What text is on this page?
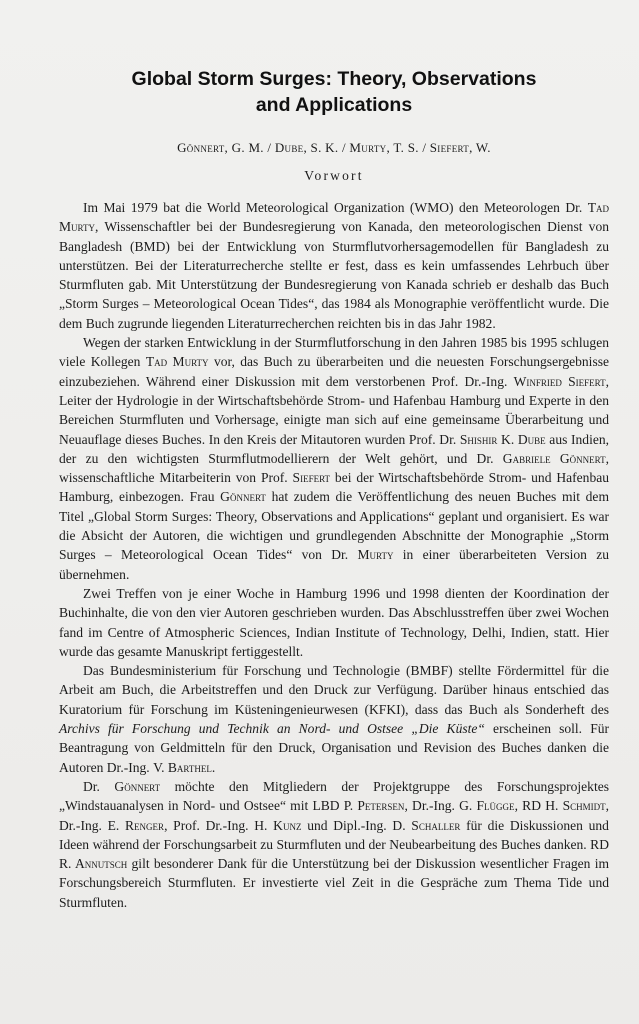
Global Storm Surges: Theory, Observations
and Applications
Gönnert, G. M. / Dube, S. K. / Murty, T. S. / Siefert, W.
Vorwort

Im Mai 1979 bat die World Meteorological Organization (WMO) den Meteorologen Dr. Tad Murty, Wissenschaftler bei der Bundesregierung von Kanada, den meteorologischen Dienst von Bangladesh (BMD) bei der Entwicklung von Sturmflutvorhersagemodellen für Bangladesh zu unterstützen. Bei der Literaturrecherche stellte er fest, dass es kein umfassendes Lehrbuch über Sturmfluten gab. Mit Unterstützung der Bundesregierung von Kanada schrieb er deshalb das Buch „Storm Surges – Meteorological Ocean Tides“, das 1984 als Monographie veröffentlicht wurde. Die dem Buch zugrunde liegenden Literaturrecherchen reichten bis in das Jahr 1982.

Wegen der starken Entwicklung in der Sturmflutforschung in den Jahren 1985 bis 1995 schlugen viele Kollegen Tad Murty vor, das Buch zu überarbeiten und die neuesten Forschungsergebnisse einzubeziehen. Während einer Diskussion mit dem verstorbenen Prof. Dr.-Ing. Winfried Siefert, Leiter der Hydrologie in der Wirtschaftsbehörde Strom- und Hafenbau Hamburg und Experte in den Bereichen Sturmfluten und Vorhersage, einigte man sich auf eine gemeinsame Überarbeitung und Neuauflage dieses Buches. In den Kreis der Mitautoren wurden Prof. Dr. Shishir K. Dube aus Indien, der zu den wichtigsten Sturmflutmodellierern der Welt gehört, und Dr. Gabriele Gönnert, wissenschaftliche Mitarbeiterin von Prof. Siefert bei der Wirtschaftsbehörde Strom- und Hafenbau Hamburg, einbezogen. Frau Gönnert hat zudem die Veröffentlichung des neuen Buches mit dem Titel „Global Storm Surges: Theory, Observations and Applications“ geplant und organisiert. Es war die Absicht der Autoren, die wichtigen und grundlegenden Abschnitte der Monographie „Storm Surges – Meteorological Ocean Tides“ von Dr. Murty in einer überarbeiteten Version zu übernehmen.

Zwei Treffen von je einer Woche in Hamburg 1996 und 1998 dienten der Koordination der Buchinhalte, die von den vier Autoren geschrieben wurden. Das Abschlusstreffen über zwei Wochen fand im Centre of Atmospheric Sciences, Indian Institute of Technology, Delhi, Indien, statt. Hier wurde das gesamte Manuskript fertiggestellt.

Das Bundesministerium für Forschung und Technologie (BMBF) stellte Fördermittel für die Arbeit am Buch, die Arbeitstreffen und den Druck zur Verfügung. Darüber hinaus entschied das Kuratorium für Forschung im Küsteningenieurwesen (KFKI), dass das Buch als Sonderheft des Archivs für Forschung und Technik an Nord- und Ostsee „Die Küste“ erscheinen soll. Für Beantragung von Geldmitteln für den Druck, Organisation und Revision des Buches danken die Autoren Dr.-Ing. V. Barthel.

Dr. Gönnert möchte den Mitgliedern der Projektgruppe des Forschungsprojektes „Windstauanalysen in Nord- und Ostsee“ mit LBD P. Petersen, Dr.-Ing. G. Flügge, RD H. Schmidt, Dr.-Ing. E. Renger, Prof. Dr.-Ing. H. Kunz und Dipl.-Ing. D. Schaller für die Diskussionen und Ideen während der Forschungsarbeit zu Sturmfluten und der Neubearbeitung des Buches danken. RD R. Annutsch gilt besonderer Dank für die Unterstützung bei der Diskussion wesentlicher Fragen im Forschungsbereich Sturmfluten. Er investierte viel Zeit in die Gespräche zum Thema Tide und Sturmfluten.
